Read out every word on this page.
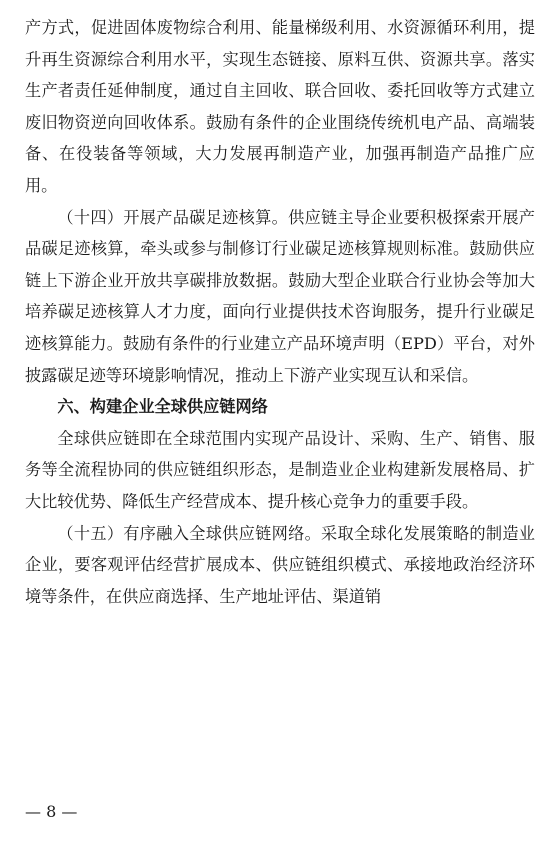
产方式，促进固体废物综合利用、能量梯级利用、水资源循环利用，提升再生资源综合利用水平，实现生态链接、原料互供、资源共享。落实生产者责任延伸制度，通过自主回收、联合回收、委托回收等方式建立废旧物资逆向回收体系。鼓励有条件的企业围绕传统机电产品、高端装备、在役装备等领域，大力发展再制造产业，加强再制造产品推广应用。

（十四）开展产品碳足迹核算。供应链主导企业要积极探索开展产品碳足迹核算，牵头或参与制修订行业碳足迹核算规则标准。鼓励供应链上下游企业开放共享碳排放数据。鼓励大型企业联合行业协会等加大培养碳足迹核算人才力度，面向行业提供技术咨询服务，提升行业碳足迹核算能力。鼓励有条件的行业建立产品环境声明（EPD）平台，对外披露碳足迹等环境影响情况，推动上下游产业实现互认和采信。

六、构建企业全球供应链网络

全球供应链即在全球范围内实现产品设计、采购、生产、销售、服务等全流程协同的供应链组织形态，是制造业企业构建新发展格局、扩大比较优势、降低生产经营成本、提升核心竞争力的重要手段。

（十五）有序融入全球供应链网络。采取全球化发展策略的制造业企业，要客观评估经营扩展成本、供应链组织模式、承接地政治经济环境等条件，在供应商选择、生产地址评估、渠道销

— 8 —
